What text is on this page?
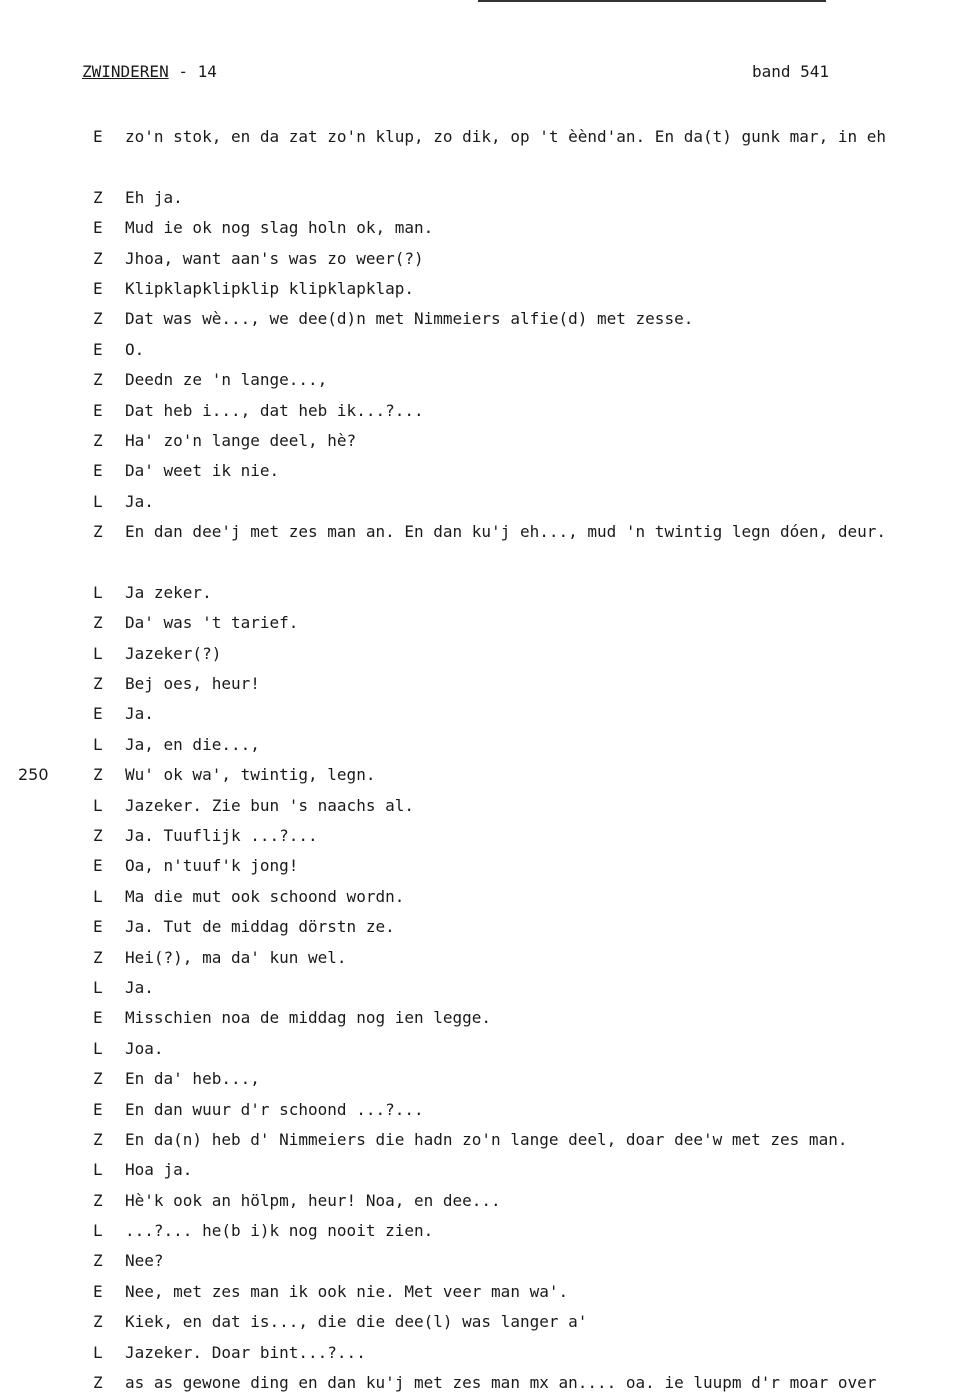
ZWINDEREN - 14	band 541
E zo'n stok, en da zat zo'n klup, zo dik, op 't èènd'an. En da(t) gunk mar, in eh
Z Eh ja.
E Mud ie ok nog slag holn ok, man.
Z Jhoa, want aan's was zo weer(?)
E Klipklapklipklip klipklapklap.
Z Dat was wè..., we dee(d)n met Nimmeiers alfie(d) met zesse.
E O.
Z Deedn ze 'n lange...,
E Dat heb i..., dat heb ik...?...
Z Ha' zo'n lange deel, hè?
E Da' weet ik nie.
L Ja.
Z En dan dee'j met zes man an. En dan ku'j eh..., mud 'n twintig legn dóen, deur.
L Ja zeker.
Z Da' was 't tarief.
L Jazeker(?)
Z Bej oes, heur!
E Ja.
L Ja, en die...,
250	Z Wu' ok wa', twintig, legn.
L Jazeker. Zie bun 's naachs al.
Z Ja. Tuuflijk ...?...
E Oa, n'tuuf'k jong!
L Ma die mut ook schoond wordn.
E Ja. Tut de middag dörstn ze.
Z Hei(?), ma da' kun wel.
L Ja.
E Misschien noa de middag nog ien legge.
L Joa.
Z En da' heb...,
E En dan wuur d'r schoond ...?...
Z En da(n) heb d' Nimmeiers die hadn zo'n lange deel, doar dee'w met zes man.
L Hoa ja.
Z Hè'k ook an hölpm, heur! Noa, en dee...
L ...?... he(b i)k nog nooit zien.
Z Nee?
E Nee, met zes man ik ook nie. Met veer man wa'.
Z Kiek, en dat is..., die die dee(l) was langer a'
L Jazeker. Doar bint...?...
Z as as gewone ding en dan ku'j met zes man mx an.... oa. ie luupm d'r moar over
